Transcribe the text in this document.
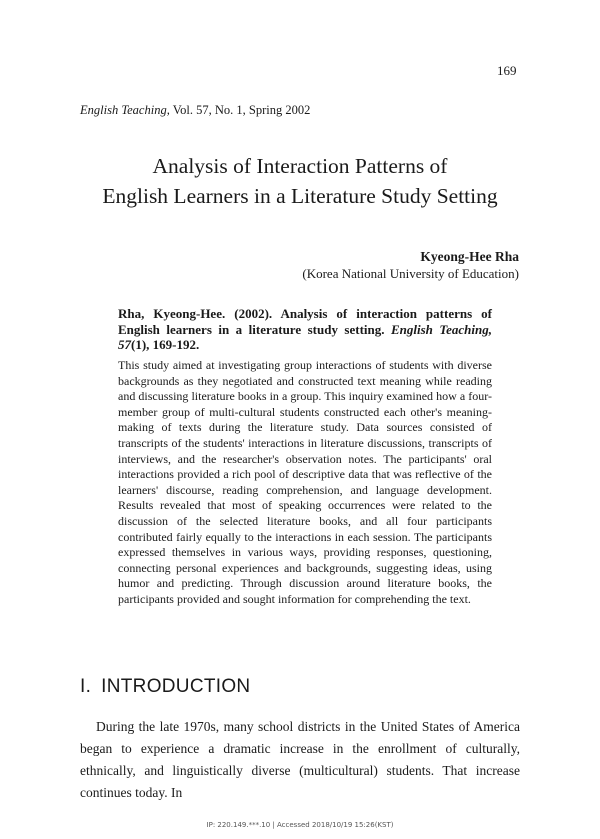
169
English Teaching, Vol. 57, No. 1, Spring 2002
Analysis of Interaction Patterns of
English Learners in a Literature Study Setting
Kyeong-Hee Rha
(Korea National University of Education)
Rha, Kyeong-Hee. (2002). Analysis of interaction patterns of English learners in a literature study setting. English Teaching, 57(1), 169-192.

This study aimed at investigating group interactions of students with diverse backgrounds as they negotiated and constructed text meaning while reading and discussing literature books in a group. This inquiry examined how a four-member group of multi-cultural students constructed each other's meaning-making of texts during the literature study. Data sources consisted of transcripts of the students' interactions in literature discussions, transcripts of interviews, and the researcher's observation notes. The participants' oral interactions provided a rich pool of descriptive data that was reflective of the learners' discourse, reading comprehension, and language development. Results revealed that most of speaking occurrences were related to the discussion of the selected literature books, and all four participants contributed fairly equally to the interactions in each session. The participants expressed themselves in various ways, providing responses, questioning, connecting personal experiences and backgrounds, suggesting ideas, using humor and predicting. Through discussion around literature books, the participants provided and sought information for comprehending the text.

I. INTRODUCTION

During the late 1970s, many school districts in the United States of America began to experience a dramatic increase in the enrollment of culturally, ethnically, and linguistically diverse (multicultural) students. That increase continues today. In

IP: 220.149.***.10 | Accessed 2018/10/19 15:26(KST)
